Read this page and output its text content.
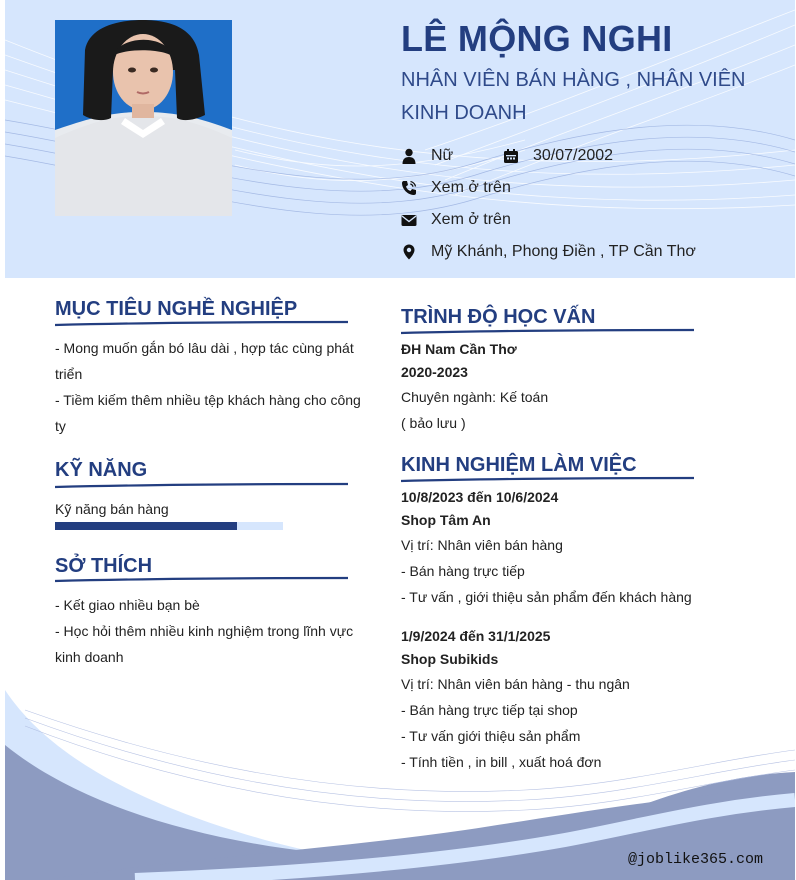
LÊ MỘNG NGHI
NHÂN VIÊN BÁN HÀNG , NHÂN VIÊN KINH DOANH
Nữ	30/07/2002
Xem ở trên
Xem ở trên
Mỹ Khánh, Phong Điền , TP Cần Thơ
MỤC TIÊU NGHỀ NGHIỆP
- Mong muốn gắn bó lâu dài , hợp tác cùng phát triển
- Tiềm kiếm thêm nhiều tệp khách hàng cho công ty
KỸ NĂNG
Kỹ năng bán hàng
SỞ THÍCH
- Kết giao nhiều bạn bè
- Học hỏi thêm nhiều kinh nghiệm trong lĩnh vực kinh doanh
TRÌNH ĐỘ HỌC VẤN
ĐH Nam Cần Thơ
2020-2023
Chuyên ngành: Kế toán
( bảo lưu )
KINH NGHIỆM LÀM VIỆC
10/8/2023 đến 10/6/2024
Shop Tâm An
Vị trí: Nhân viên bán hàng
- Bán hàng trực tiếp
- Tư vấn , giới thiệu sản phẩm đến khách hàng
1/9/2024 đến 31/1/2025
Shop Subikids
Vị trí: Nhân viên bán hàng - thu ngân
- Bán hàng trực tiếp tại shop
- Tư vấn giới thiệu sản phẩm
- Tính tiền , in bill , xuất hoá đơn
@joblike365.com
